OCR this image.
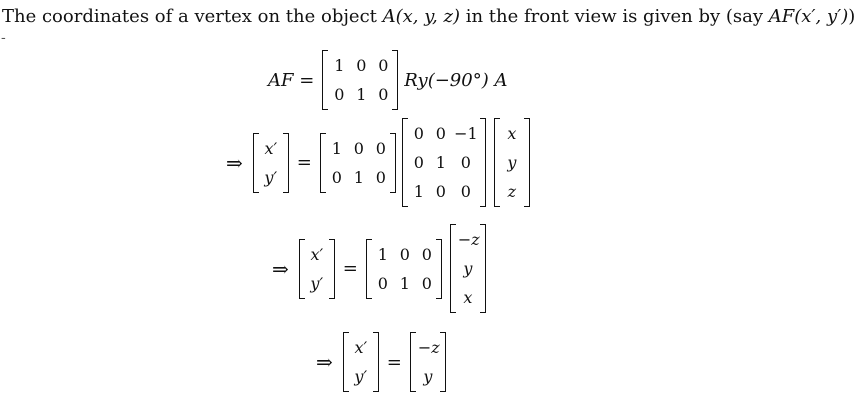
The coordinates of a vertex on the object A(x, y, z) in the front view is given by (say AF(x′, y′))
-
AF =
1 0 0
0 1 0
Ry(−90°) A
⇒
x′
y′
=
1 0 0
0 1 0
0 0 −1
0 1 0
1 0 0
x
y
z
⇒
x′
y′
=
1 0 0
0 1 0
−z
y
x
⇒
x′
y′
=
−z
y
